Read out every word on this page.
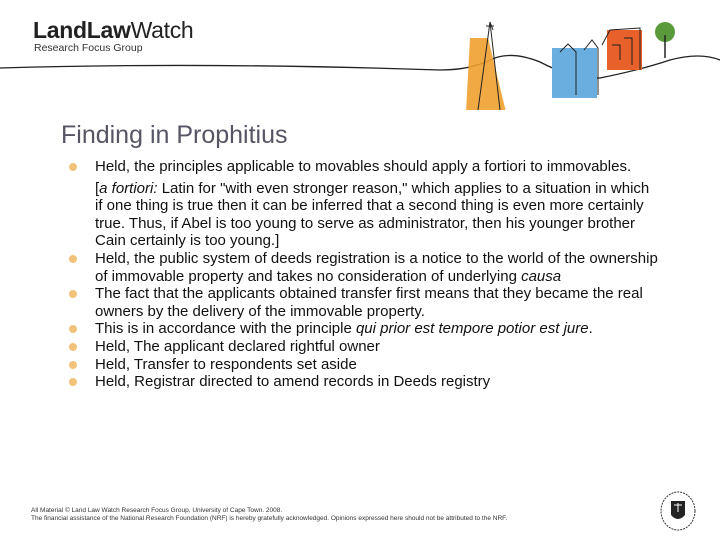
LandLawWatch
Research Focus Group
Finding in Prophitius
Held, the principles applicable to movables should apply a fortiori to immovables.
[a fortiori: Latin for "with even stronger reason," which applies to a situation in which if one thing is true then it can be inferred that a second thing is even more certainly true. Thus, if Abel is too young to serve as administrator, then his younger brother Cain certainly is too young.]
Held, the public system of deeds registration is a notice to the world of the ownership of immovable property and takes no consideration of underlying causa
The fact that the applicants obtained transfer first means that they became the real owners by the delivery of the immovable property.
This is in accordance with the principle qui prior est tempore potior est jure.
Held, The applicant declared rightful owner
Held, Transfer to respondents set aside
Held, Registrar directed to amend records in Deeds registry
All Material © Land Law Watch Research Focus Group, University of Cape Town. 2008.
The financial assistance of the National Research Foundation (NRF) is hereby gratefully acknowledged. Opinions expressed here should not be attributed to the NRF.
